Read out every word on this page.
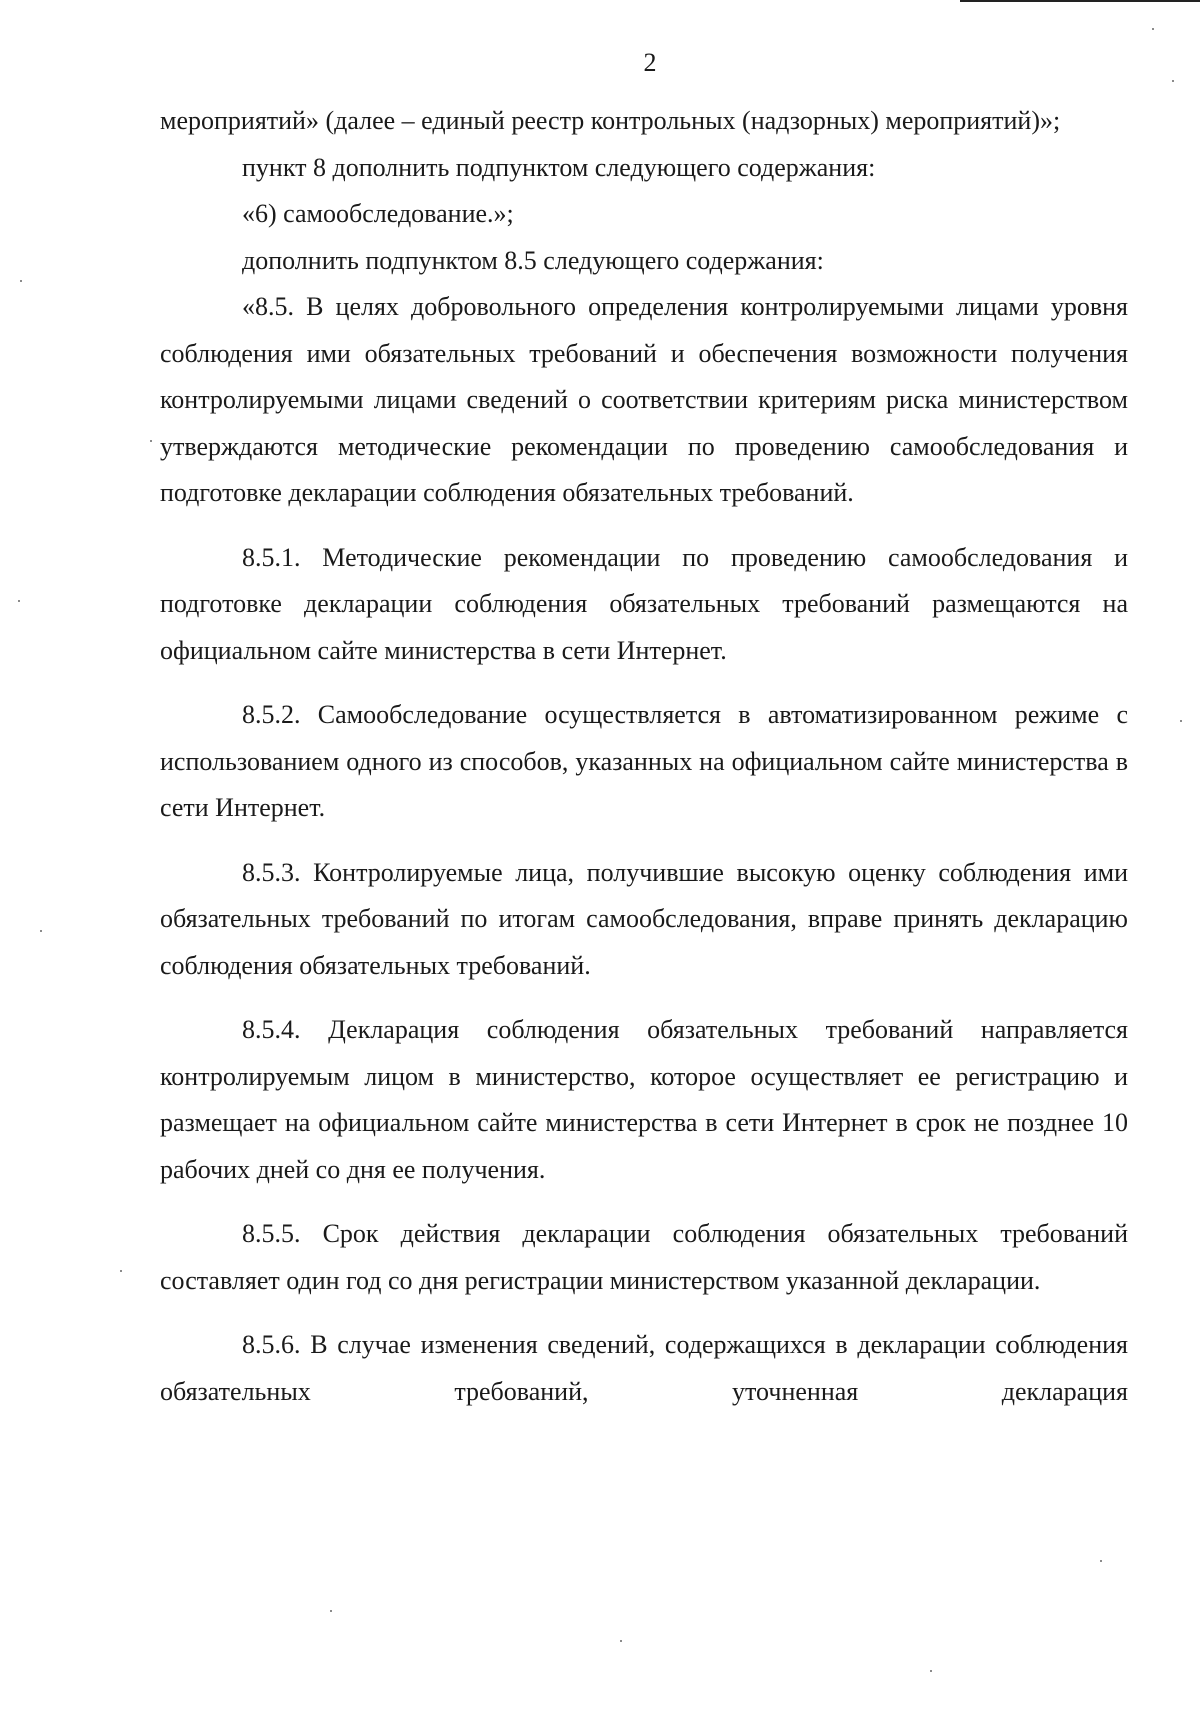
2

мероприятий» (далее – единый реестр контрольных (надзорных) мероприятий)»;

пункт 8 дополнить подпунктом следующего содержания:

«6) самообследование.»;

дополнить подпунктом 8.5 следующего содержания:

«8.5. В целях добровольного определения контролируемыми лицами уровня соблюдения ими обязательных требований и обеспечения возможности получения контролируемыми лицами сведений о соответствии критериям риска министерством утверждаются методические рекомендации по проведению самообследования и подготовке декларации соблюдения обязательных требований.

8.5.1. Методические рекомендации по проведению самообследования и подготовке декларации соблюдения обязательных требований размещаются на официальном сайте министерства в сети Интернет.

8.5.2. Самообследование осуществляется в автоматизированном режиме с использованием одного из способов, указанных на официальном сайте министерства в сети Интернет.

8.5.3. Контролируемые лица, получившие высокую оценку соблюдения ими обязательных требований по итогам самообследования, вправе принять декларацию соблюдения обязательных требований.

8.5.4. Декларация соблюдения обязательных требований направляется контролируемым лицом в министерство, которое осуществляет ее регистрацию и размещает на официальном сайте министерства в сети Интернет в срок не позднее 10 рабочих дней со дня ее получения.

8.5.5. Срок действия декларации соблюдения обязательных требований составляет один год со дня регистрации министерством указанной декларации.

8.5.6. В случае изменения сведений, содержащихся в декларации соблюдения обязательных требований, уточненная декларация
